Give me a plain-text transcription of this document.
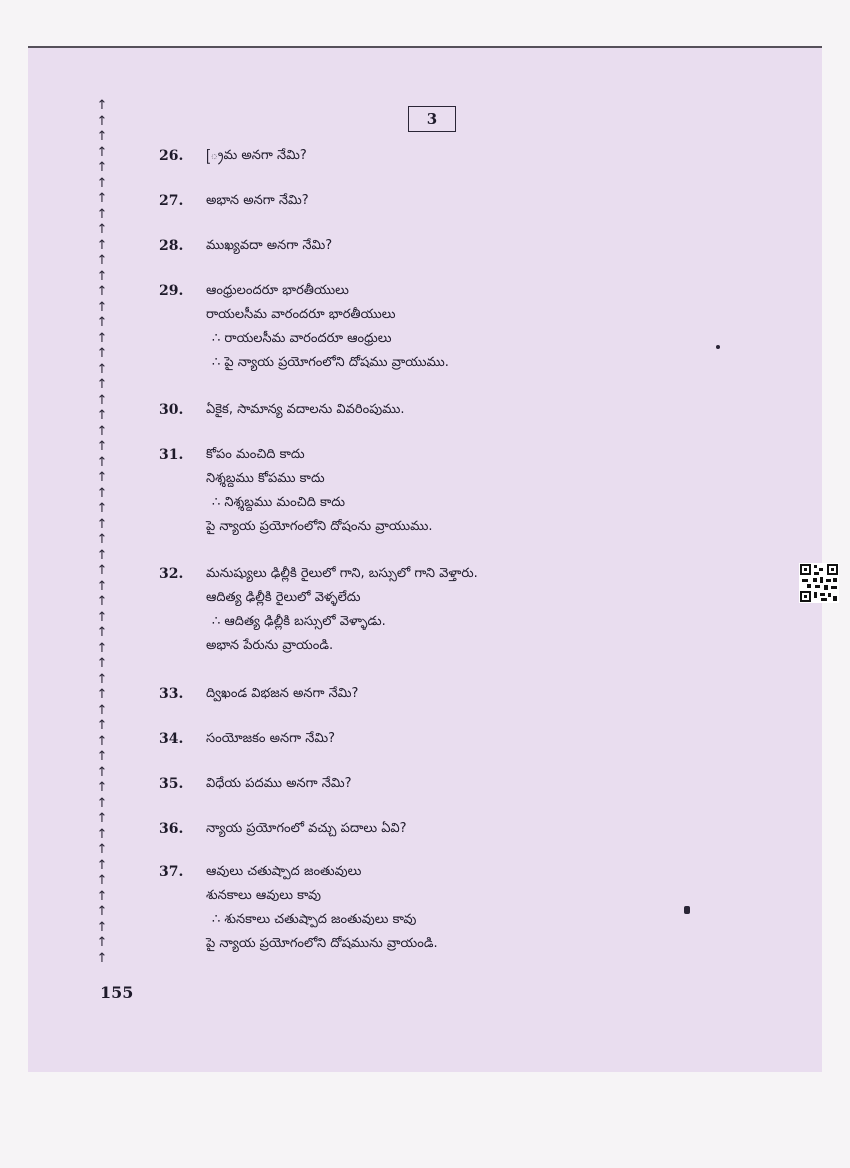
↑
↑
↑
↑
↑
↑
↑
↑
↑
↑
↑
↑
↑
↑
↑
↑
↑
↑
↑
↑
↑
↑
↑
↑
↑
↑
↑
↑
↑
↑
↑
↑
↑
↑
↑
↑
↑
↑
↑
↑
↑
↑
↑
↑
↑
↑
↑
↑
↑
↑
↑
↑
↑
↑
↑
↑
3
26.	[్రమ అనగా నేమి?
27.	అభాన అనగా నేమి?
28.	ముఖ్యవదా అనగా నేమి?
29.	ఆంధ్రులందరూ భారతీయులు
రాయలసీమ వారందరూ భారతీయులు
∴ రాయలసీమ వారందరూ ఆంధ్రులు
∴ పై న్యాయ ప్రయోగంలోని దోషము వ్రాయుము.
30.	ఏకైక, సామాన్య వదాలను వివరింపుము.
31.	కోపం మంచిది కాదు
నిశ్శబ్దము కోపము కాదు
∴ నిశ్శబ్దము మంచిది కాదు
పై న్యాయ ప్రయోగంలోని దోషంను వ్రాయుము.
32.	మనుష్యులు ఢిల్లీకి రైలులో గాని, బస్సులో గాని వెళ్తారు.
ఆదిత్య ఢిల్లీకి రైలులో వెళ్ళలేదు
∴ ఆదిత్య ఢిల్లీకి బస్సులో వెళ్ళాడు.
అభాన పేరును వ్రాయండి.
33.	ద్విఖండ విభజన అనగా నేమి?
34.	సంయోజకం అనగా నేమి?
35.	విధేయ పదము అనగా నేమి?
36.	న్యాయ ప్రయోగంలో వచ్చు పదాలు ఏవి?
37.	ఆవులు చతుష్పాద జంతువులు
శునకాలు ఆవులు కావు
∴ శునకాలు చతుష్పాద జంతువులు కావు
పై న్యాయ ప్రయోగంలోని దోషమును వ్రాయండి.
155
